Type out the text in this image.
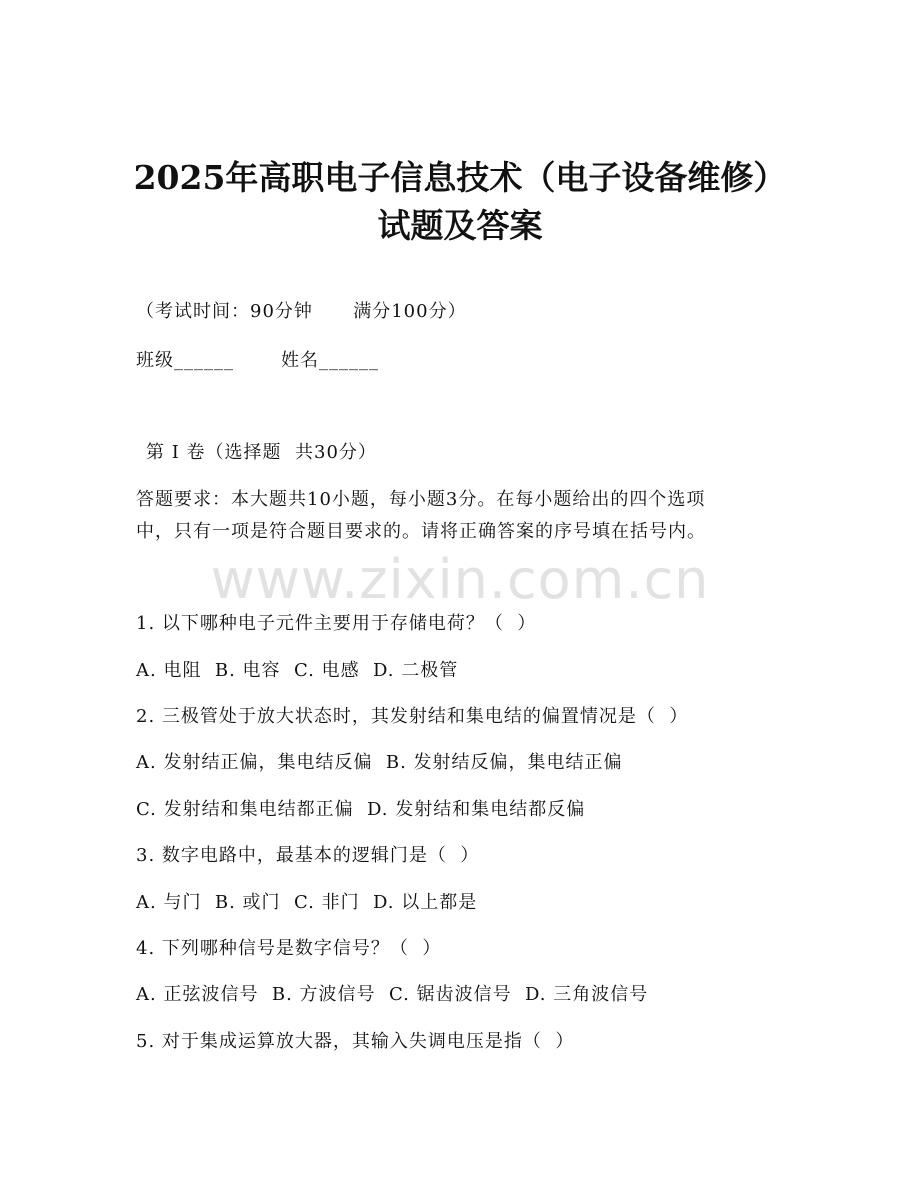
2025年高职电子信息技术（电子设备维修）
试题及答案
（考试时间：90分钟      满分100分）
班级______       姓名______
第 I 卷（选择题  共30分）
答题要求：本大题共10小题，每小题3分。在每小题给出的四个选项
中，只有一项是符合题目要求的。请将正确答案的序号填在括号内。
www.zixin.com.cn
1. 以下哪种电子元件主要用于存储电荷？（  ）
A. 电阻  B. 电容  C. 电感  D. 二极管
2. 三极管处于放大状态时，其发射结和集电结的偏置情况是（  ）
A. 发射结正偏，集电结反偏  B. 发射结反偏，集电结正偏
C. 发射结和集电结都正偏  D. 发射结和集电结都反偏
3. 数字电路中，最基本的逻辑门是（  ）
A. 与门  B. 或门  C. 非门  D. 以上都是
4. 下列哪种信号是数字信号？（  ）
A. 正弦波信号  B. 方波信号  C. 锯齿波信号  D. 三角波信号
5. 对于集成运算放大器，其输入失调电压是指（  ）
